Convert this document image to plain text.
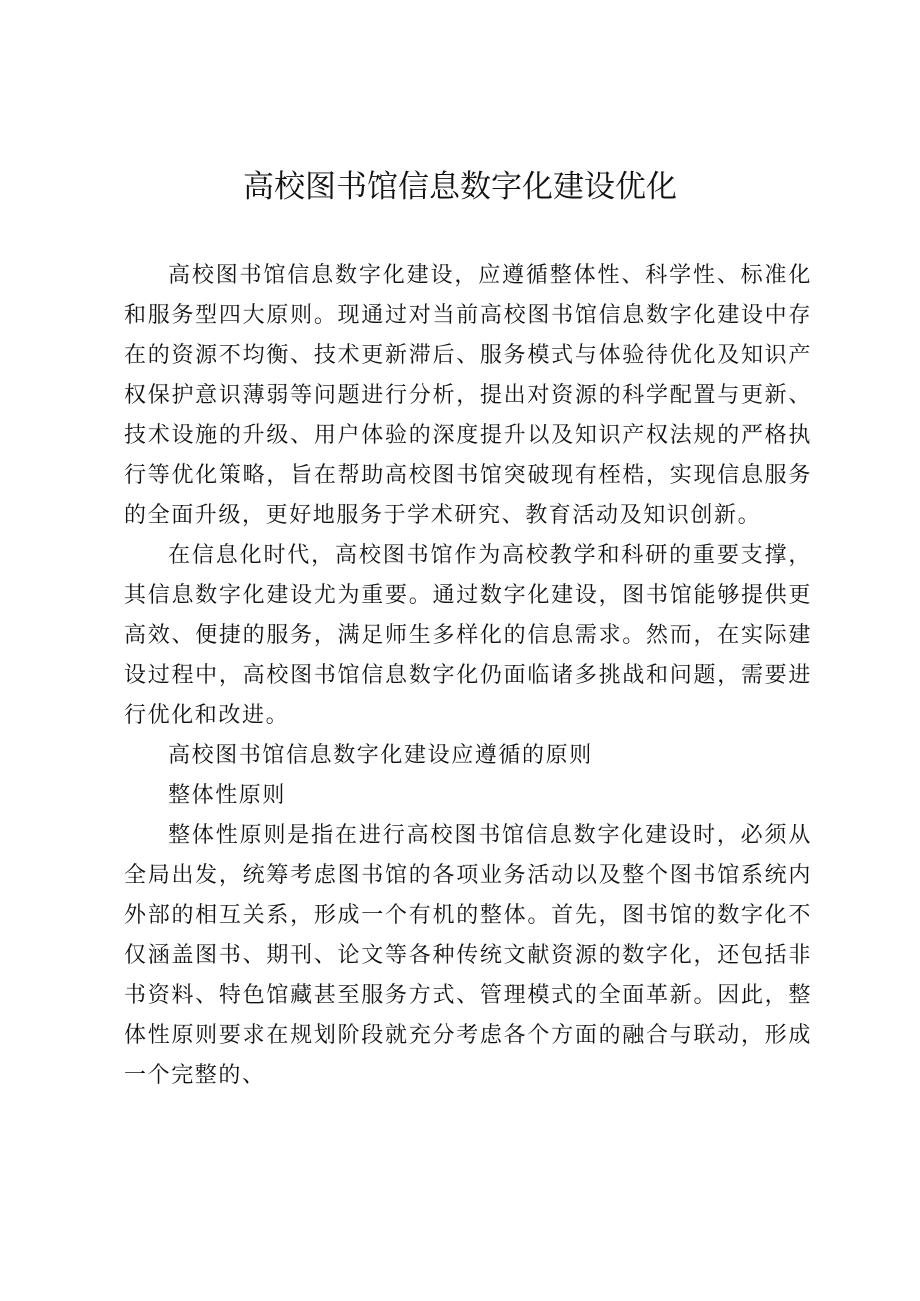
高校图书馆信息数字化建设优化

高校图书馆信息数字化建设，应遵循整体性、科学性、标准化和服务型四大原则。现通过对当前高校图书馆信息数字化建设中存在的资源不均衡、技术更新滞后、服务模式与体验待优化及知识产权保护意识薄弱等问题进行分析，提出对资源的科学配置与更新、技术设施的升级、用户体验的深度提升以及知识产权法规的严格执行等优化策略，旨在帮助高校图书馆突破现有桎梏，实现信息服务的全面升级，更好地服务于学术研究、教育活动及知识创新。

在信息化时代，高校图书馆作为高校教学和科研的重要支撑，其信息数字化建设尤为重要。通过数字化建设，图书馆能够提供更高效、便捷的服务，满足师生多样化的信息需求。然而，在实际建设过程中，高校图书馆信息数字化仍面临诸多挑战和问题，需要进行优化和改进。

高校图书馆信息数字化建设应遵循的原则

整体性原则

整体性原则是指在进行高校图书馆信息数字化建设时，必须从全局出发，统筹考虑图书馆的各项业务活动以及整个图书馆系统内外部的相互关系，形成一个有机的整体。首先，图书馆的数字化不仅涵盖图书、期刊、论文等各种传统文献资源的数字化，还包括非书资料、特色馆藏甚至服务方式、管理模式的全面革新。因此，整体性原则要求在规划阶段就充分考虑各个方面的融合与联动，形成一个完整的、
